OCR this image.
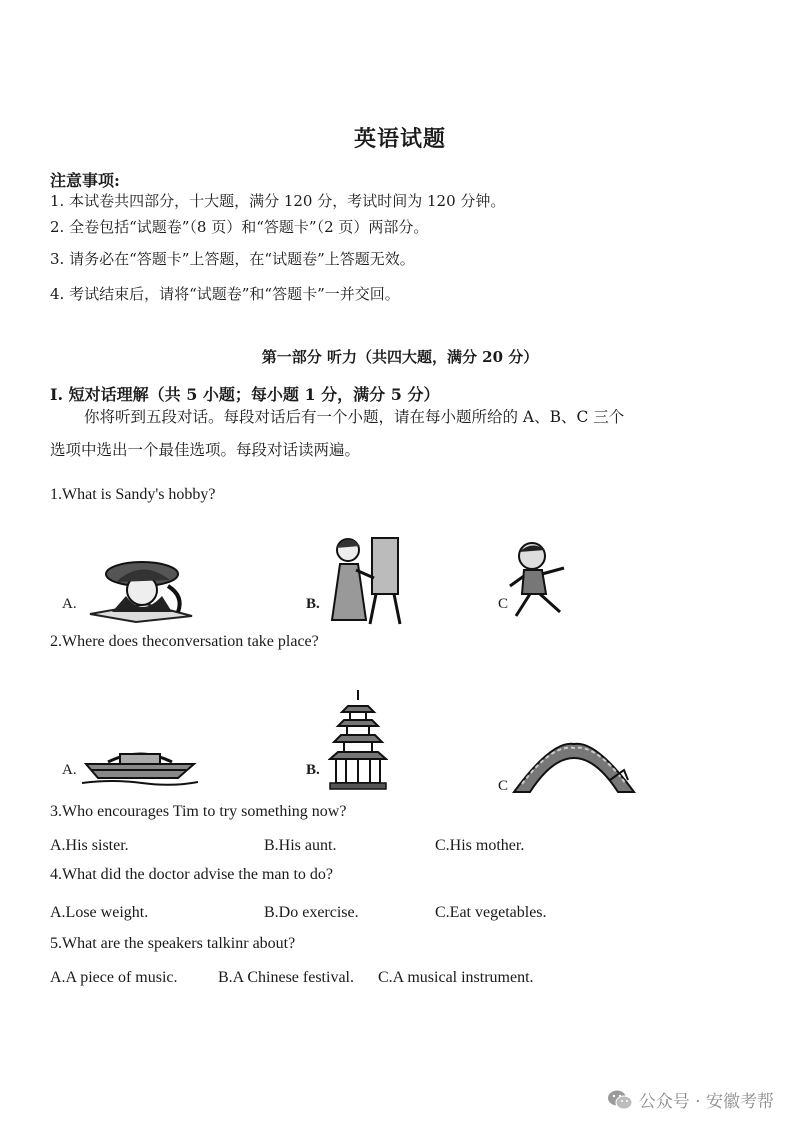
英语试题
注意事项:
1. 本试卷共四部分，十大题，满分 120 分，考试时间为 120 分钟。
2. 全卷包括“试题卷”（8 页）和“答题卡”（2 页）两部分。
3. 请务必在“答题卡”上答题，在“试题卷”上答题无效。
4. 考试结束后，请将“试题卷”和“答题卡”一并交回。
第一部分 听力（共四大题，满分 20 分）
I. 短对话理解（共 5 小题；每小题 1 分，满分 5 分）
你将听到五段对话。每段对话后有一个小题，请在每小题所给的 A、B、C 三个
选项中选出一个最佳选项。每段对话读两遍。
1.What is Sandy's hobby?
A.	B.	C
2.Where does theconversation take place?
A.	B.
C
3.Who encourages Tim to try something now?
A.His sister.	B.His aunt.	C.His mother.
4.What did the doctor advise the man to do?
A.Lose weight.	B.Do exercise.	C.Eat vegetables.
5.What are the speakers talkinr about?
A.A piece of music.	B.A Chinese festival. C.A musical instrument.
公众号 · 安徽考帮
